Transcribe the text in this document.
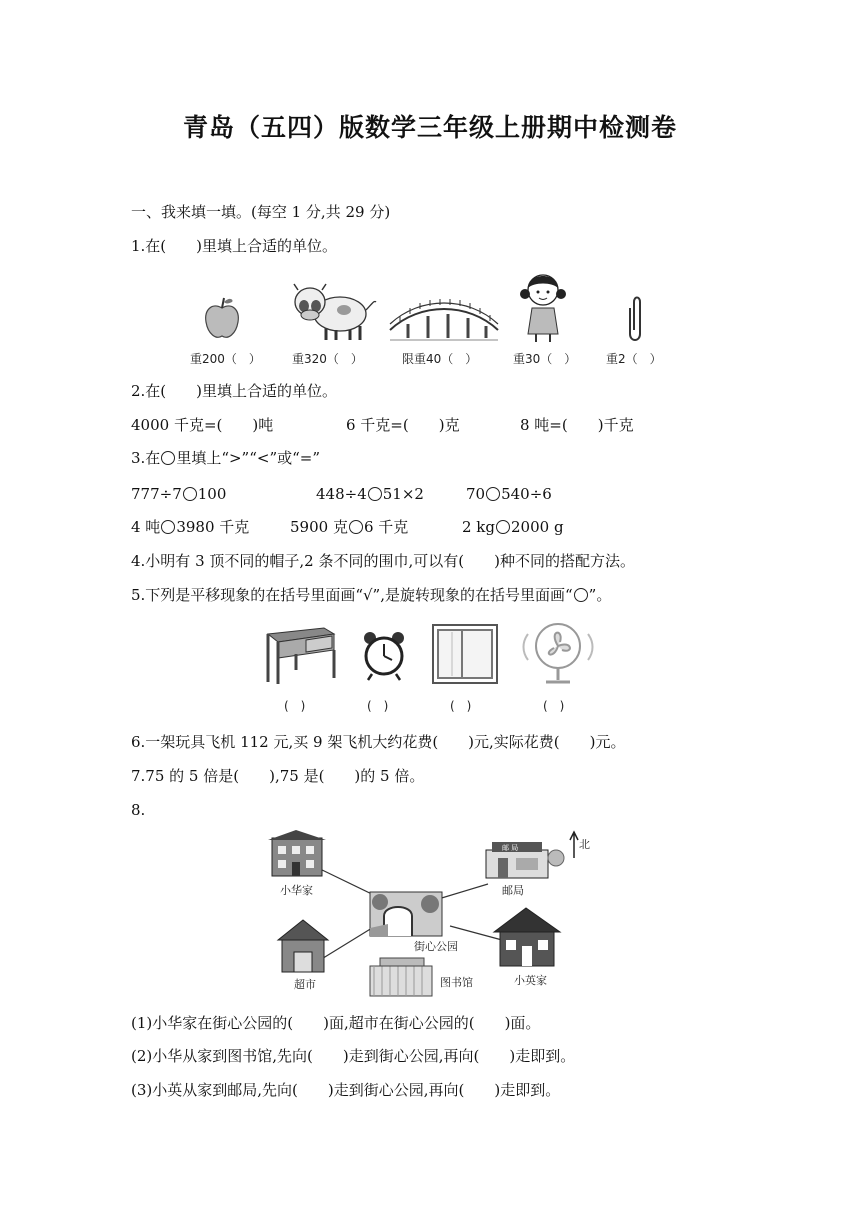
青岛（五四）版数学三年级上册期中检测卷
一、我来填一填。(每空 1 分,共 29 分)
1.在(　　)里填上合适的单位。
重200（　）	重320（　）	限重40（　）	重30（　） 重2（　）
2.在(　　)里填上合适的单位。
4000 千克=(　　)吨	6 千克=(　　)克	8 吨=(　　)千克
3.在 里填上“>”“<”或“=”
777÷7 100	448÷4 51×2	70 540÷6
4 吨 3980 千克	5900 克 6 千克	2 kg 2000 g
4.小明有 3 顶不同的帽子,2 条不同的围巾,可以有(　　)种不同的搭配方法。
5.下列是平移现象的在括号里面画“√”,是旋转现象的在括号里面画“ ”。
(　)	(　)	(　)	(　)
6.一架玩具飞机 112 元,买 9 架飞机大约花费(　　)元,实际花费(　　)元。
7.75 的 5 倍是(　　),75 是(　　)的 5 倍。
8.
小华家
邮 局
邮局
北
街心公园
超市	图书馆	小英家
(1)小华家在街心公园的(　　)面,超市在街心公园的(　　)面。
(2)小华从家到图书馆,先向(　　)走到街心公园,再向(　　)走即到。
(3)小英从家到邮局,先向(　　)走到街心公园,再向(　　)走即到。
